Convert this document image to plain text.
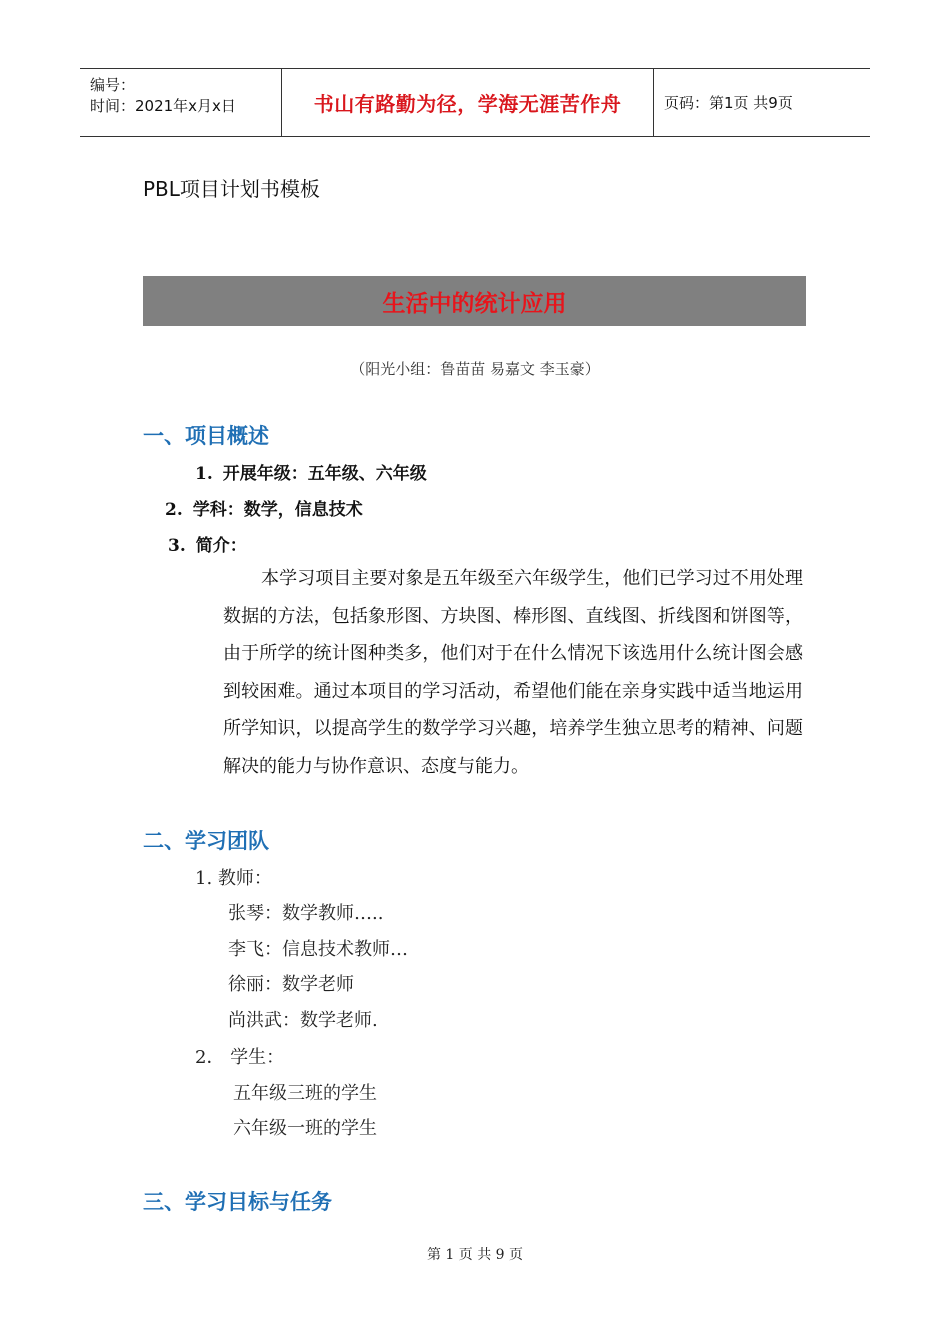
编号：
时间：2021年x月x日	书山有路勤为径，学海无涯苦作舟	页码：第1页 共9页
PBL项目计划书模板
生活中的统计应用
（阳光小组：鲁苗苗 易嘉文 李玉豪）
一、项目概述
1. 开展年级：五年级、六年级
2. 学科：数学，信息技术
3. 简介：

本学习项目主要对象是五年级至六年级学生，他们已学习过不用处理数据的方法，包括象形图、方块图、棒形图、直线图、折线图和饼图等，由于所学的统计图种类多，他们对于在什么情况下该选用什么统计图会感到较困难。通过本项目的学习活动，希望他们能在亲身实践中适当地运用所学知识，以提高学生的数学学习兴趣，培养学生独立思考的精神、问题解决的能力与协作意识、态度与能力。

二、学习团队
1. 教师：
张琴：数学教师…..
李飞：信息技术教师…
徐丽：数学老师
尚洪武：数学老师.
2． 学生：
五年级三班的学生
六年级一班的学生
三、学习目标与任务
第 1 页 共 9 页
